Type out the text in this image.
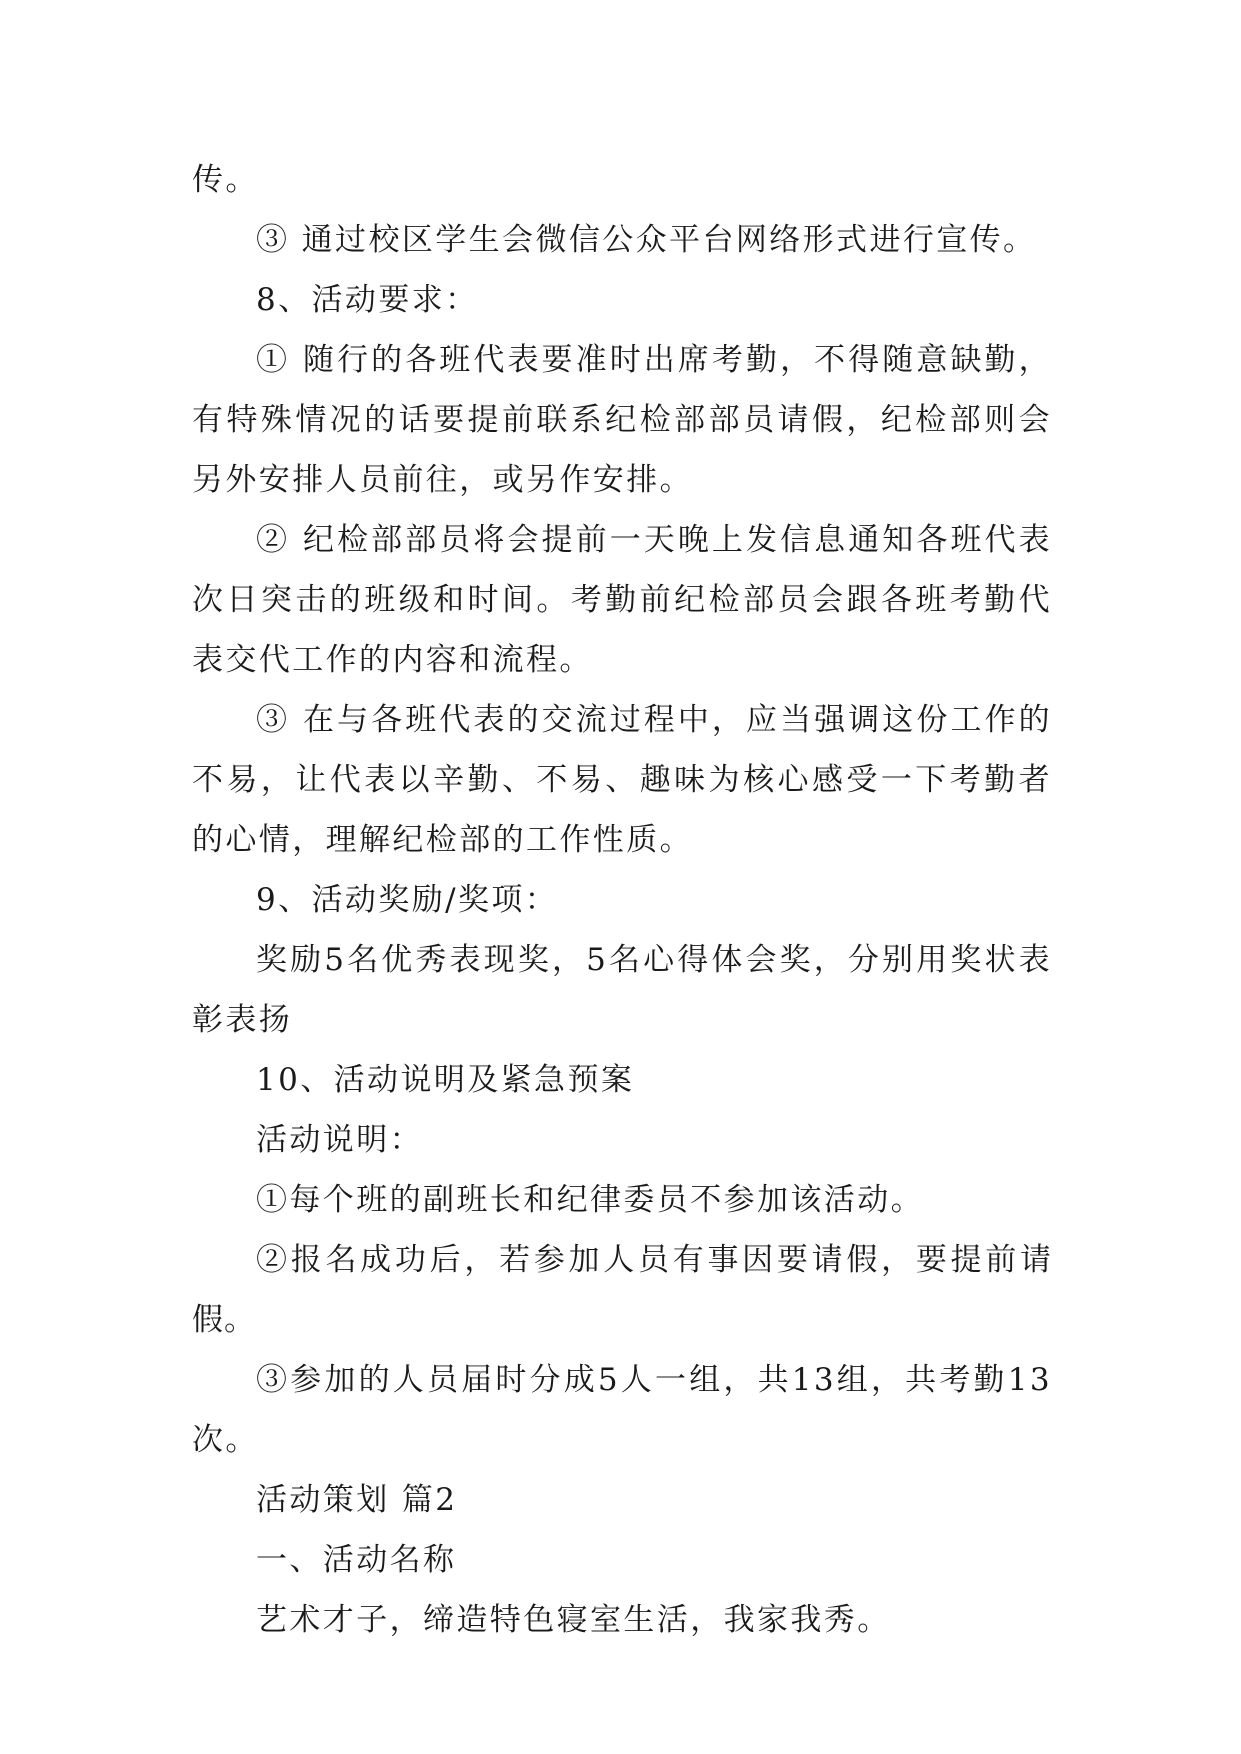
传。

③ 通过校区学生会微信公众平台网络形式进行宣传。

8、活动要求：

① 随行的各班代表要准时出席考勤，不得随意缺勤，有特殊情况的话要提前联系纪检部部员请假，纪检部则会另外安排人员前往，或另作安排。

② 纪检部部员将会提前一天晚上发信息通知各班代表次日突击的班级和时间。考勤前纪检部员会跟各班考勤代表交代工作的内容和流程。

③ 在与各班代表的交流过程中，应当强调这份工作的不易，让代表以辛勤、不易、趣味为核心感受一下考勤者的心情，理解纪检部的工作性质。

9、活动奖励/奖项：

奖励5名优秀表现奖，5名心得体会奖，分别用奖状表彰表扬

10、活动说明及紧急预案

活动说明：

①每个班的副班长和纪律委员不参加该活动。

②报名成功后，若参加人员有事因要请假，要提前请假。

③参加的人员届时分成5人一组，共13组，共考勤13次。

活动策划 篇2

一、活动名称

艺术才子，缔造特色寝室生活，我家我秀。
